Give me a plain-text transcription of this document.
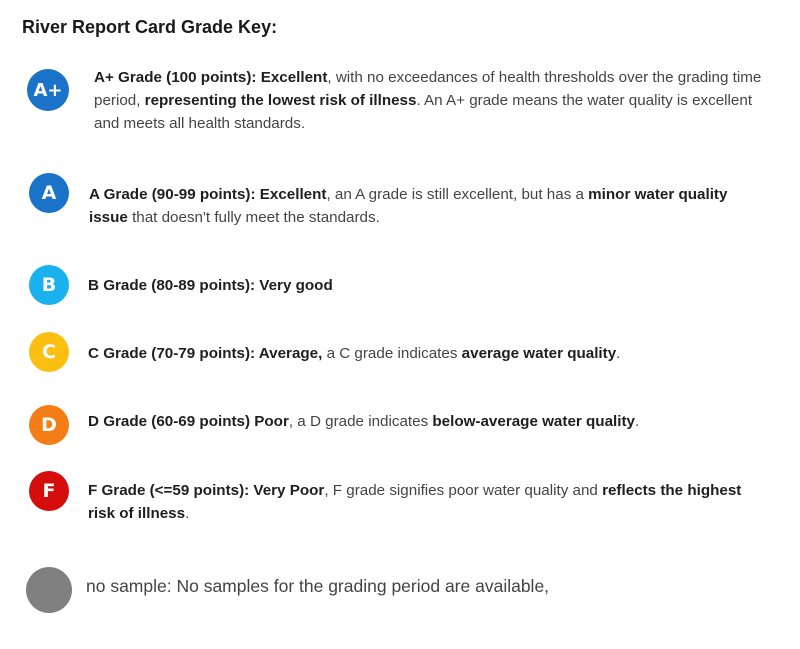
River Report Card Grade Key:
A+
A+ Grade (100 points): Excellent, with no exceedances of health thresholds over the grading time period, representing the lowest risk of illness. An A+ grade means the water quality is excellent and meets all health standards.
A	A Grade (90-99 points): Excellent, an A grade is still excellent, but has a minor water quality issue that doesn't fully meet the standards.
B	B Grade (80-89 points): Very good
C	C Grade (70-79 points): Average, a C grade indicates average water quality.
D	D Grade (60-69 points) Poor, a D grade indicates below-average water quality.
F	F Grade (<=59 points): Very Poor, F grade signifies poor water quality and reflects the highest risk of illness.
no sample: No samples for the grading period are available,
